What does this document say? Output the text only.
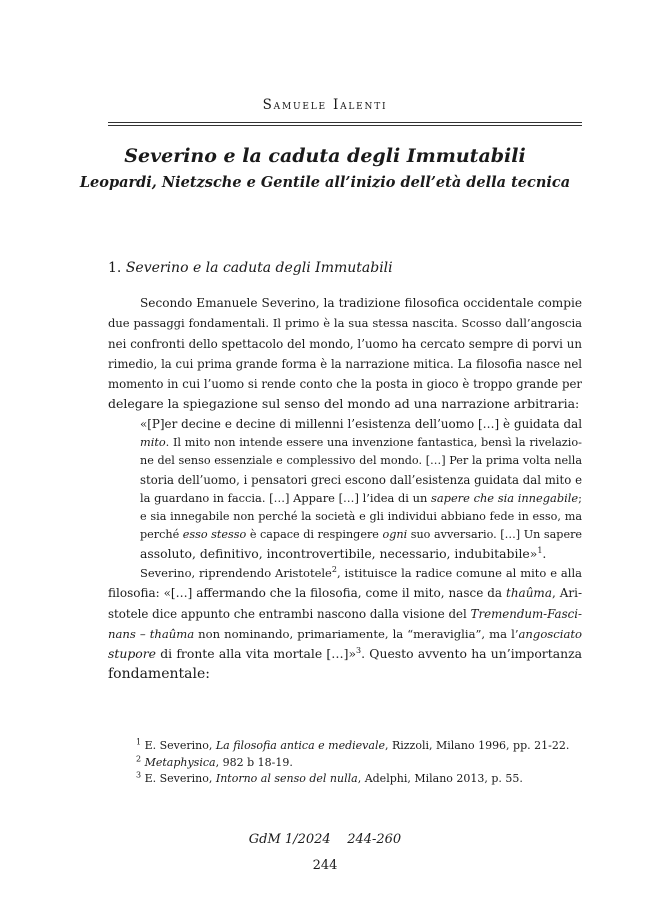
Samuele Ialenti
Severino e la caduta degli Immutabili
Leopardi, Nietzsche e Gentile all’inizio dell’età della tecnica
1. Severino e la caduta degli Immutabili
Secondo Emanuele Severino, la tradizione filosofica occidentale compie
due passaggi fondamentali. Il primo è la sua stessa nascita. Scosso dall’angoscia
nei confronti dello spettacolo del mondo, l’uomo ha cercato sempre di porvi un
rimedio, la cui prima grande forma è la narrazione mitica. La filosofia nasce nel
momento in cui l’uomo si rende conto che la posta in gioco è troppo grande per
delegare la spiegazione sul senso del mondo ad una narrazione arbitraria:
«[P]er decine e decine di millenni l’esistenza dell’uomo […] è guidata dal
mito. Il mito non intende essere una invenzione fantastica, bensì la rivelazio-
ne del senso essenziale e complessivo del mondo. […] Per la prima volta nella
storia dell’uomo, i pensatori greci escono dall’esistenza guidata dal mito e
la guardano in faccia. […] Appare […] l’idea di un sapere che sia innegabile;
e sia innegabile non perché la società e gli individui abbiano fede in esso, ma
perché esso stesso è capace di respingere ogni suo avversario. […] Un sapere
assoluto, definitivo, incontrovertibile, necessario, indubitabile»$^1$.
Severino, riprendendo Aristotele$^2$, istituisce la radice comune al mito e alla
filosofia: «[…] affermando che la filosofia, come il mito, nasce da thaûma, Ari-
stotele dice appunto che entrambi nascono dalla visione del Tremendum-Fasci-
nans – thaûma non nominando, primariamente, la “meraviglia”, ma l’angosciato
stupore di fronte alla vita mortale […]»$^3$. Questo avvento ha un’importanza
fondamentale:
$^1$ E. Severino, La filosofia antica e medievale, Rizzoli, Milano 1996, pp. 21-22.
$^2$ Metaphysica, 982 b 18-19.
$^3$ E. Severino, Intorno al senso del nulla, Adelphi, Milano 2013, p. 55.
GdM 1/2024 244-260
244
